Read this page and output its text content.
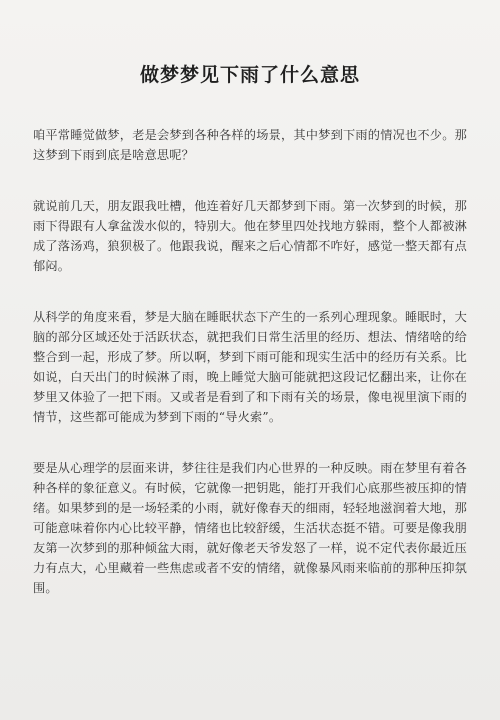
做梦梦见下雨了什么意思

咱平常睡觉做梦，老是会梦到各种各样的场景，其中梦到下雨的情况也不少。那这梦到下雨到底是啥意思呢？

就说前几天，朋友跟我吐槽，他连着好几天都梦到下雨。第一次梦到的时候，那雨下得跟有人拿盆泼水似的，特别大。他在梦里四处找地方躲雨，整个人都被淋成了落汤鸡，狼狈极了。他跟我说，醒来之后心情都不咋好，感觉一整天都有点郁闷。

从科学的角度来看，梦是大脑在睡眠状态下产生的一系列心理现象。睡眠时，大脑的部分区域还处于活跃状态，就把我们日常生活里的经历、想法、情绪啥的给整合到一起，形成了梦。所以啊，梦到下雨可能和现实生活中的经历有关系。比如说，白天出门的时候淋了雨，晚上睡觉大脑可能就把这段记忆翻出来，让你在梦里又体验了一把下雨。又或者是看到了和下雨有关的场景，像电视里演下雨的情节，这些都可能成为梦到下雨的“导火索”。

要是从心理学的层面来讲，梦往往是我们内心世界的一种反映。雨在梦里有着各种各样的象征意义。有时候，它就像一把钥匙，能打开我们心底那些被压抑的情绪。如果梦到的是一场轻柔的小雨，就好像春天的细雨，轻轻地滋润着大地，那可能意味着你内心比较平静，情绪也比较舒缓，生活状态挺不错。可要是像我朋友第一次梦到的那种倾盆大雨，就好像老天爷发怒了一样，说不定代表你最近压力有点大，心里藏着一些焦虑或者不安的情绪，就像暴风雨来临前的那种压抑氛围。
